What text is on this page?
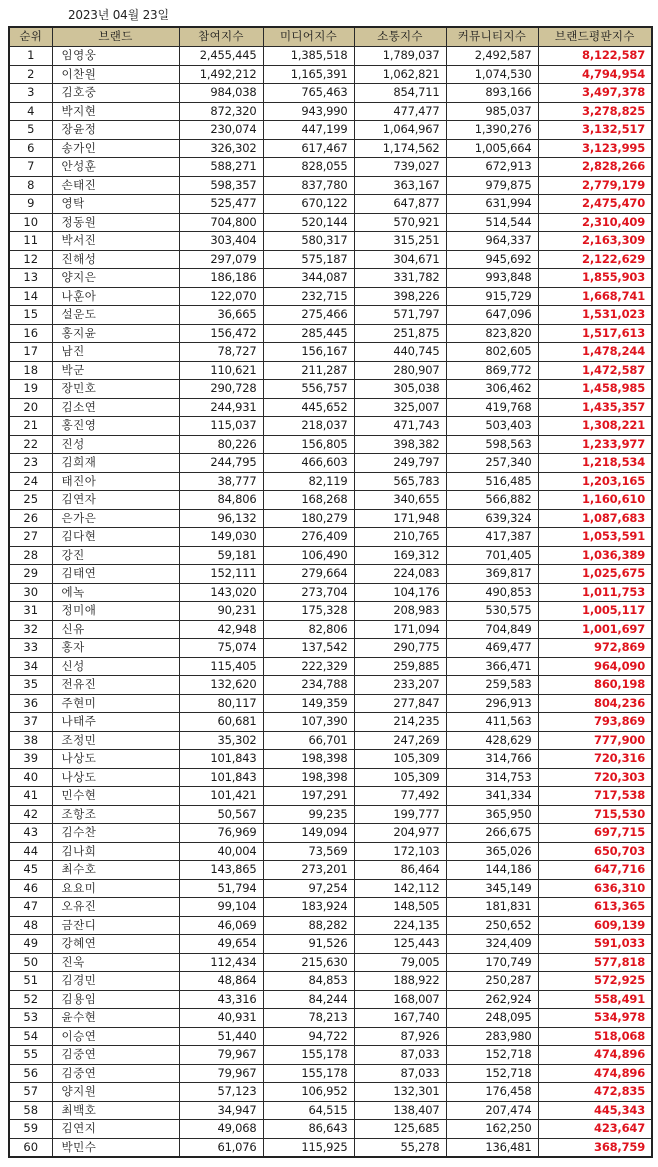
2023년 04월 23일
순위	브랜드	참여지수	미디어지수	소통지수	커뮤니티지수	브랜드평판지수
1	임영웅	2,455,445	1,385,518	1,789,037	2,492,587	8,122,587
2	이찬원	1,492,212	1,165,391	1,062,821	1,074,530	4,794,954
3	김호중	984,038	765,463	854,711	893,166	3,497,378
4	박지현	872,320	943,990	477,477	985,037	3,278,825
5	장윤정	230,074	447,199	1,064,967	1,390,276	3,132,517
6	송가인	326,302	617,467	1,174,562	1,005,664	3,123,995
7	안성훈	588,271	828,055	739,027	672,913	2,828,266
8	손태진	598,357	837,780	363,167	979,875	2,779,179
9	영탁	525,477	670,122	647,877	631,994	2,475,470
10	정동원	704,800	520,144	570,921	514,544	2,310,409
11	박서진	303,404	580,317	315,251	964,337	2,163,309
12	진해성	297,079	575,187	304,671	945,692	2,122,629
13	양지은	186,186	344,087	331,782	993,848	1,855,903
14	나훈아	122,070	232,715	398,226	915,729	1,668,741
15	설운도	36,665	275,466	571,797	647,096	1,531,023
16	홍지윤	156,472	285,445	251,875	823,820	1,517,613
17	남진	78,727	156,167	440,745	802,605	1,478,244
18	박군	110,621	211,287	280,907	869,772	1,472,587
19	장민호	290,728	556,757	305,038	306,462	1,458,985
20	김소연	244,931	445,652	325,007	419,768	1,435,357
21	홍진영	115,037	218,037	471,743	503,403	1,308,221
22	진성	80,226	156,805	398,382	598,563	1,233,977
23	김희재	244,795	466,603	249,797	257,340	1,218,534
24	태진아	38,777	82,119	565,783	516,485	1,203,165
25	김연자	84,806	168,268	340,655	566,882	1,160,610
26	은가은	96,132	180,279	171,948	639,324	1,087,683
27	김다현	149,030	276,409	210,765	417,387	1,053,591
28	강진	59,181	106,490	169,312	701,405	1,036,389
29	김태연	152,111	279,664	224,083	369,817	1,025,675
30	에녹	143,020	273,704	104,176	490,853	1,011,753
31	정미애	90,231	175,328	208,983	530,575	1,005,117
32	신유	42,948	82,806	171,094	704,849	1,001,697
33	홍자	75,074	137,542	290,775	469,477	972,869
34	신성	115,405	222,329	259,885	366,471	964,090
35	전유진	132,620	234,788	233,207	259,583	860,198
36	주현미	80,117	149,359	277,847	296,913	804,236
37	나태주	60,681	107,390	214,235	411,563	793,869
38	조정민	35,302	66,701	247,269	428,629	777,900
39	나상도	101,843	198,398	105,309	314,766	720,316
40	나상도	101,843	198,398	105,309	314,753	720,303
41	민수현	101,421	197,291	77,492	341,334	717,538
42	조항조	50,567	99,235	199,777	365,950	715,530
43	김수찬	76,969	149,094	204,977	266,675	697,715
44	김나희	40,004	73,569	172,103	365,026	650,703
45	최수호	143,865	273,201	86,464	144,186	647,716
46	요요미	51,794	97,254	142,112	345,149	636,310
47	오유진	99,104	183,924	148,505	181,831	613,365
48	금잔디	46,069	88,282	224,135	250,652	609,139
49	강혜연	49,654	91,526	125,443	324,409	591,033
50	진욱	112,434	215,630	79,005	170,749	577,818
51	김경민	48,864	84,853	188,922	250,287	572,925
52	김용임	43,316	84,244	168,007	262,924	558,491
53	윤수현	40,931	78,213	167,740	248,095	534,978
54	이승연	51,440	94,722	87,926	283,980	518,068
55	김중연	79,967	155,178	87,033	152,718	474,896
56	김중연	79,967	155,178	87,033	152,718	474,896
57	양지원	57,123	106,952	132,301	176,458	472,835
58	최백호	34,947	64,515	138,407	207,474	445,343
59	김연지	49,068	86,643	125,685	162,250	423,647
60	박민수	61,076	115,925	55,278	136,481	368,759
